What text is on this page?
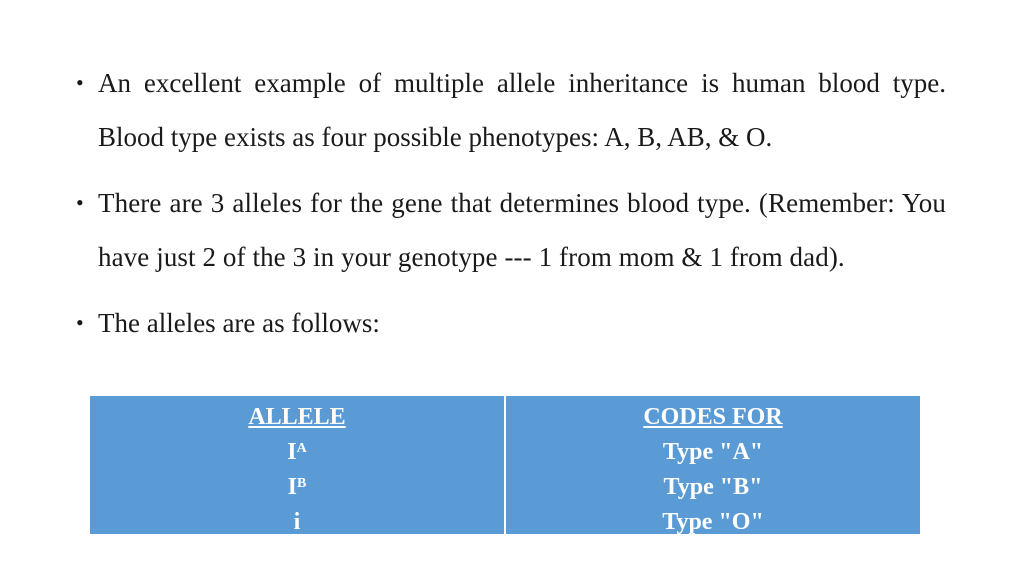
• An excellent example of multiple allele inheritance is human blood type. Blood type exists as four possible phenotypes: A, B, AB, & O.
• There are 3 alleles for the gene that determines blood type. (Remember: You have just 2 of the 3 in your genotype --- 1 from mom & 1 from dad).
• The alleles are as follows:
ALLELE
$I^A$
$I^B$
i
CODES FOR
Type "A"
Type "B"
Type "O"
